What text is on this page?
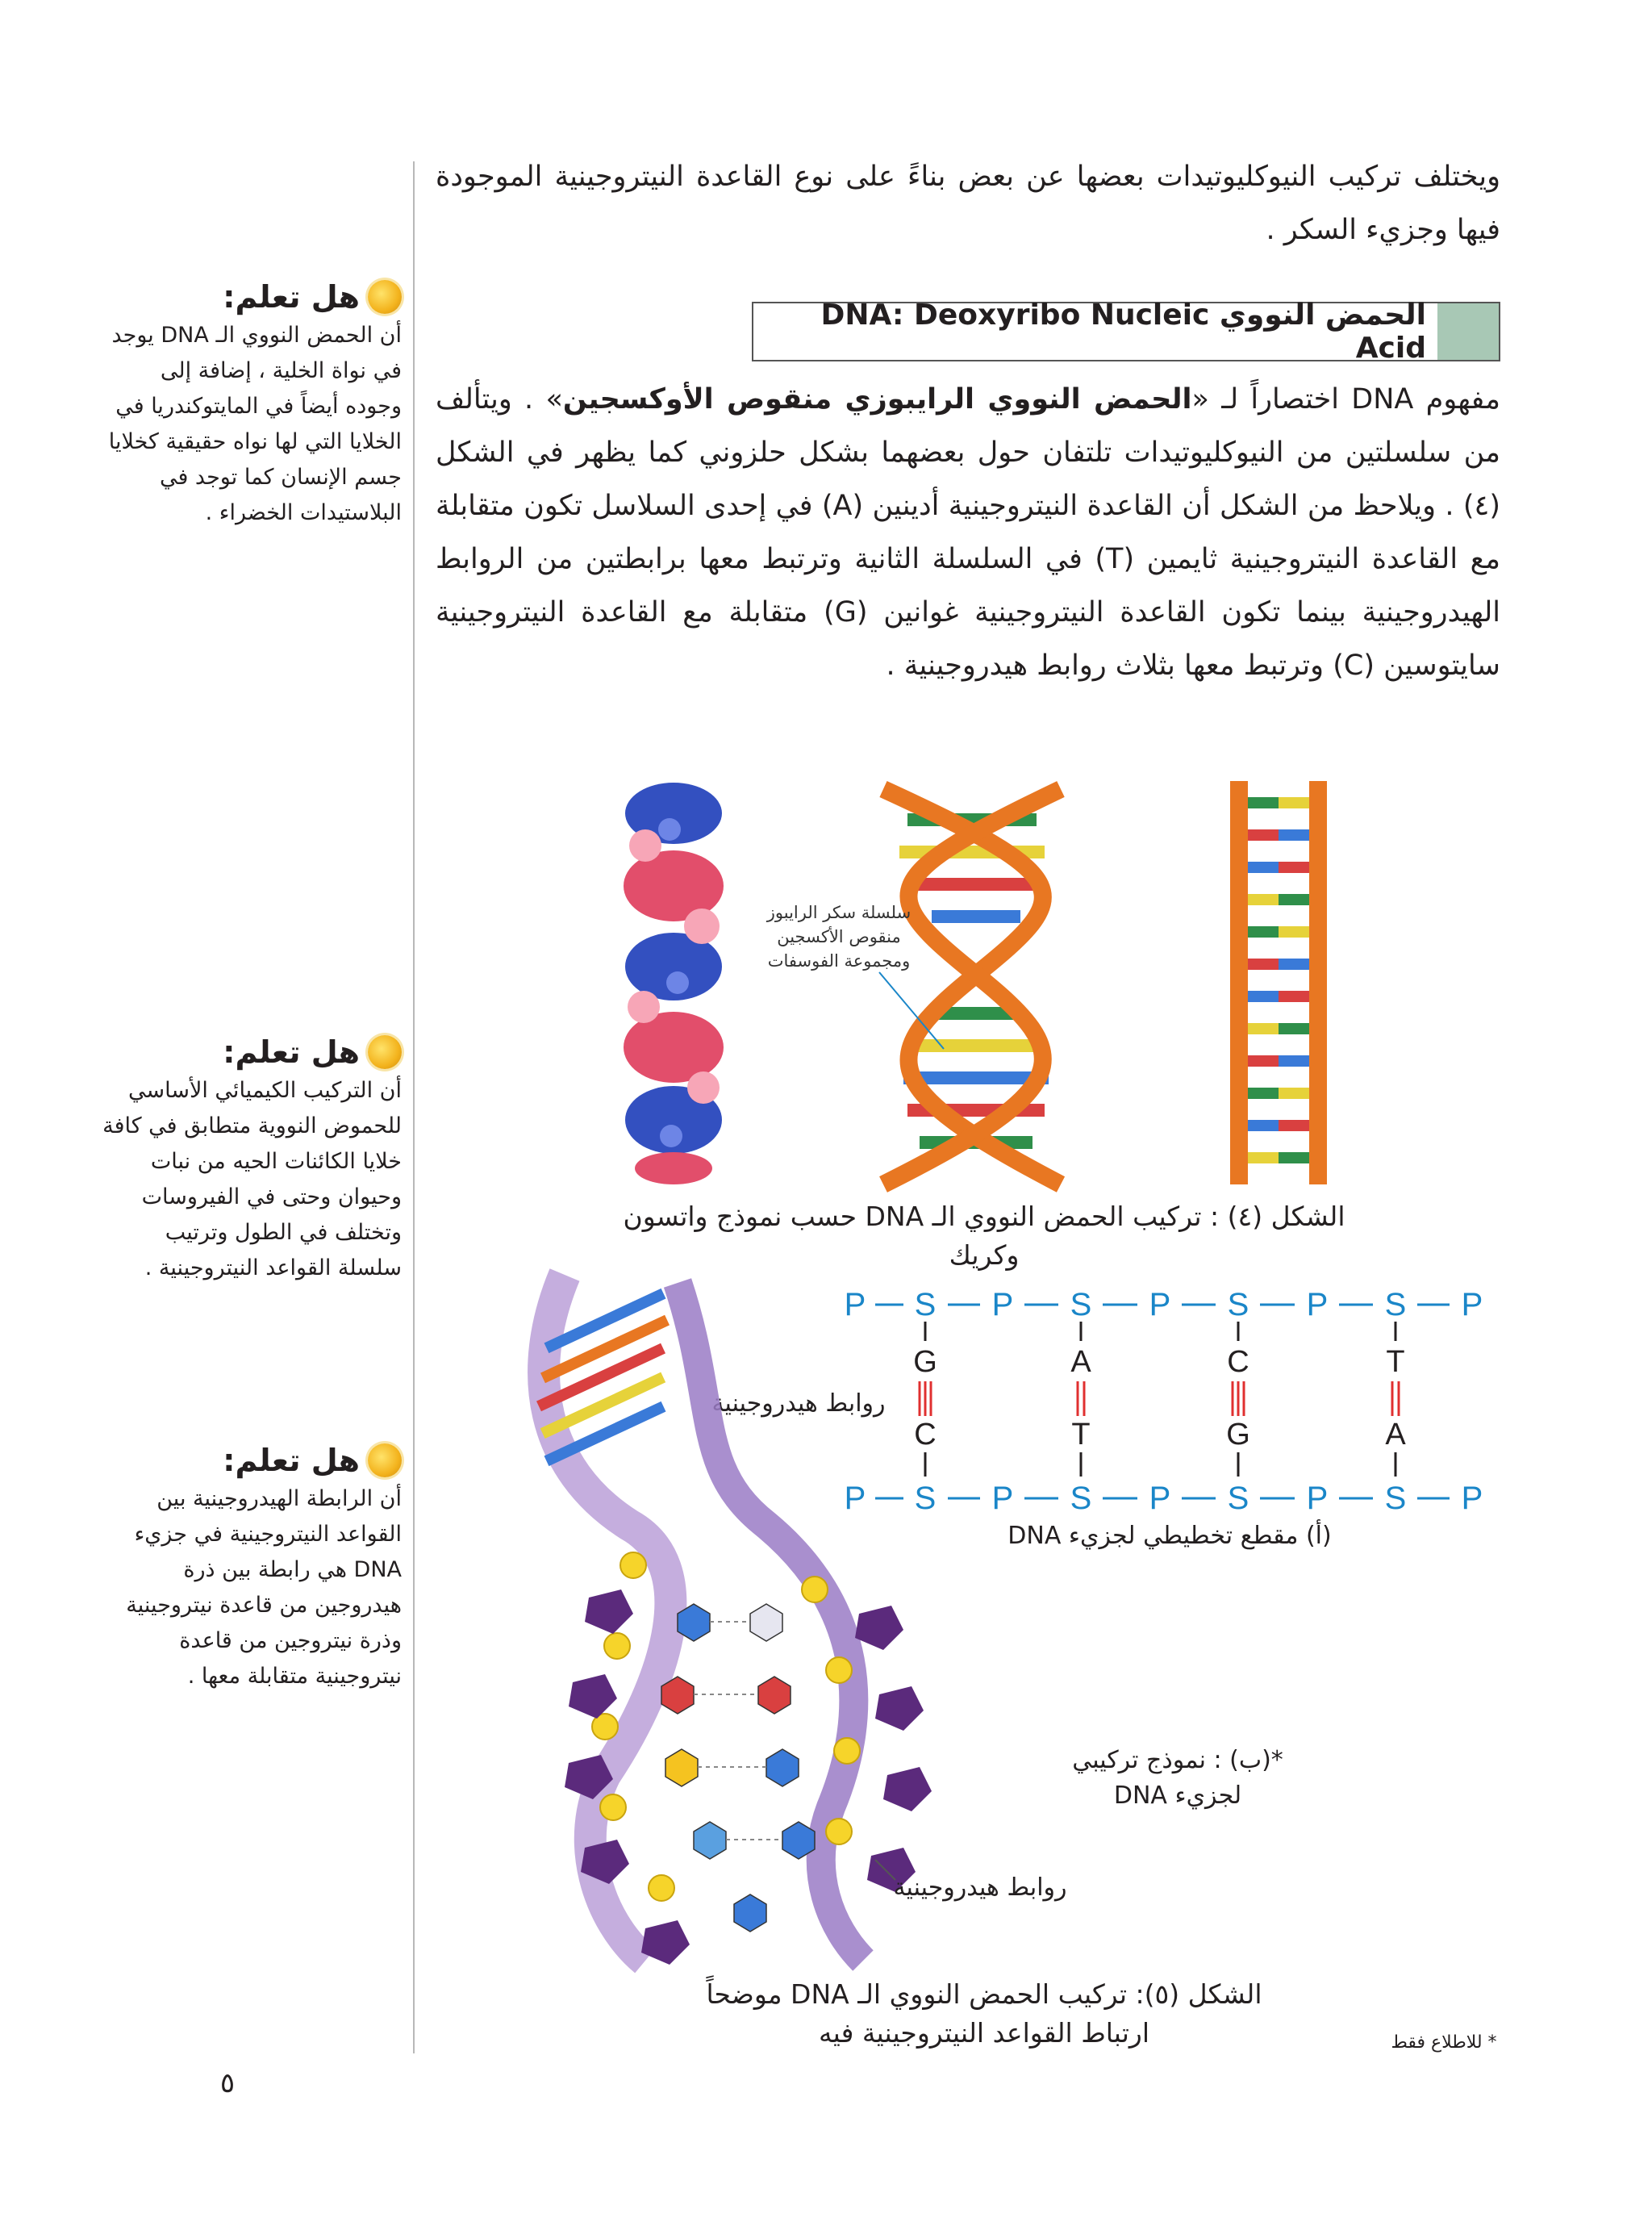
ويختلف تركيب النيوكليوتيدات بعضها عن بعض بناءً على نوع القاعدة النيتروجينية الموجودة فيها وجزيء السكر .
الحمض النووي DNA: Deoxyribo Nucleic Acid
مفهوم DNA اختصاراً لـ «الحمض النووي الرايبوزي منقوص الأوكسجين» . ويتألف من سلسلتين من النيوكليوتيدات تلتفان حول بعضهما بشكل حلزوني كما يظهر في الشكل (٤) . ويلاحظ من الشكل أن القاعدة النيتروجينية أدينين (A) في إحدى السلاسل تكون متقابلة مع القاعدة النيتروجينية ثايمين (T) في السلسلة الثانية وترتبط معها برابطتين من الروابط الهيدروجينية بينما تكون القاعدة النيتروجينية غوانين (G) متقابلة مع القاعدة النيتروجينية سايتوسين (C) وترتبط معها بثلاث روابط هيدروجينية .
هل تعلم:
أن الحمض النووي الـ DNA يوجد في نواة الخلية ، إضافة إلى وجوده أيضاً في المايتوكندريا في الخلايا التي لها نواه حقيقية كخلايا جسم الإنسان كما توجد في البلاستيدات الخضراء .
هل تعلم:
أن التركيب الكيميائي الأساسي للحموض النووية متطابق في كافة خلايا الكائنات الحيه من نبات وحيوان وحتى في الفيروسات وتختلف في الطول وترتيب سلسلة القواعد النيتروجينية .
هل تعلم:
أن الرابطة الهيدروجينية بين القواعد النيتروجينية في جزيء DNA هي رابطة بين ذرة هيدروجين من قاعدة نيتروجينية وذرة نيتروجين من قاعدة نيتروجينية متقابلة معها .
سلسلة سكر الرايبوز
منقوص الأكسجين
ومجموعة الفوسفات
الشكل (٤) : تركيب الحمض النووي الـ DNA حسب نموذج واتسون وكريك
P S P S P S P S P
P S P S P S P S P
G	A	C	T
C	T	G	A
روابط هيدروجينية
(أ) مقطع تخطيطي لجزيء DNA
*(ب) : نموذج تركيبي
لجزيء DNA
روابط هيدروجينية
الشكل (٥): تركيب الحمض النووي الـ DNA موضحاً
ارتباط القواعد النيتروجينية فيه	* للاطلاع فقط
٥
